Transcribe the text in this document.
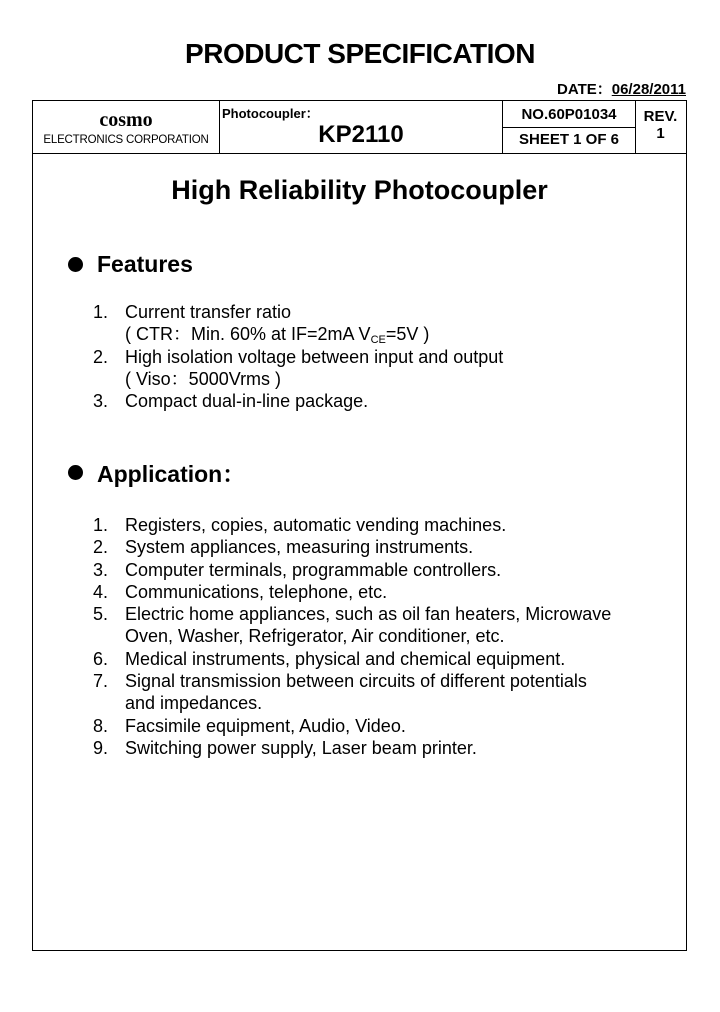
PRODUCT SPECIFICATION
DATE：06/28/2011
cosmo
ELECTRONICS CORPORATION
Photocoupler：
KP2110
NO.60P01034
SHEET 1 OF 6
REV.
1
High Reliability Photocoupler
Features
1. Current transfer ratio
( CTR：Min. 60% at IF=2mA $V_{CE}=5V$ )
2. High isolation voltage between input and output
( Viso：5000Vrms )
3. Compact dual-in-line package.
Application：
1. Registers, copies, automatic vending machines.
2. System appliances, measuring instruments.
3. Computer terminals, programmable controllers.
4. Communications, telephone, etc.
5. Electric home appliances, such as oil fan heaters, Microwave
Oven, Washer, Refrigerator, Air conditioner, etc.
6. Medical instruments, physical and chemical equipment.
7. Signal transmission between circuits of different potentials
and impedances.
8. Facsimile equipment, Audio, Video.
9. Switching power supply, Laser beam printer.
